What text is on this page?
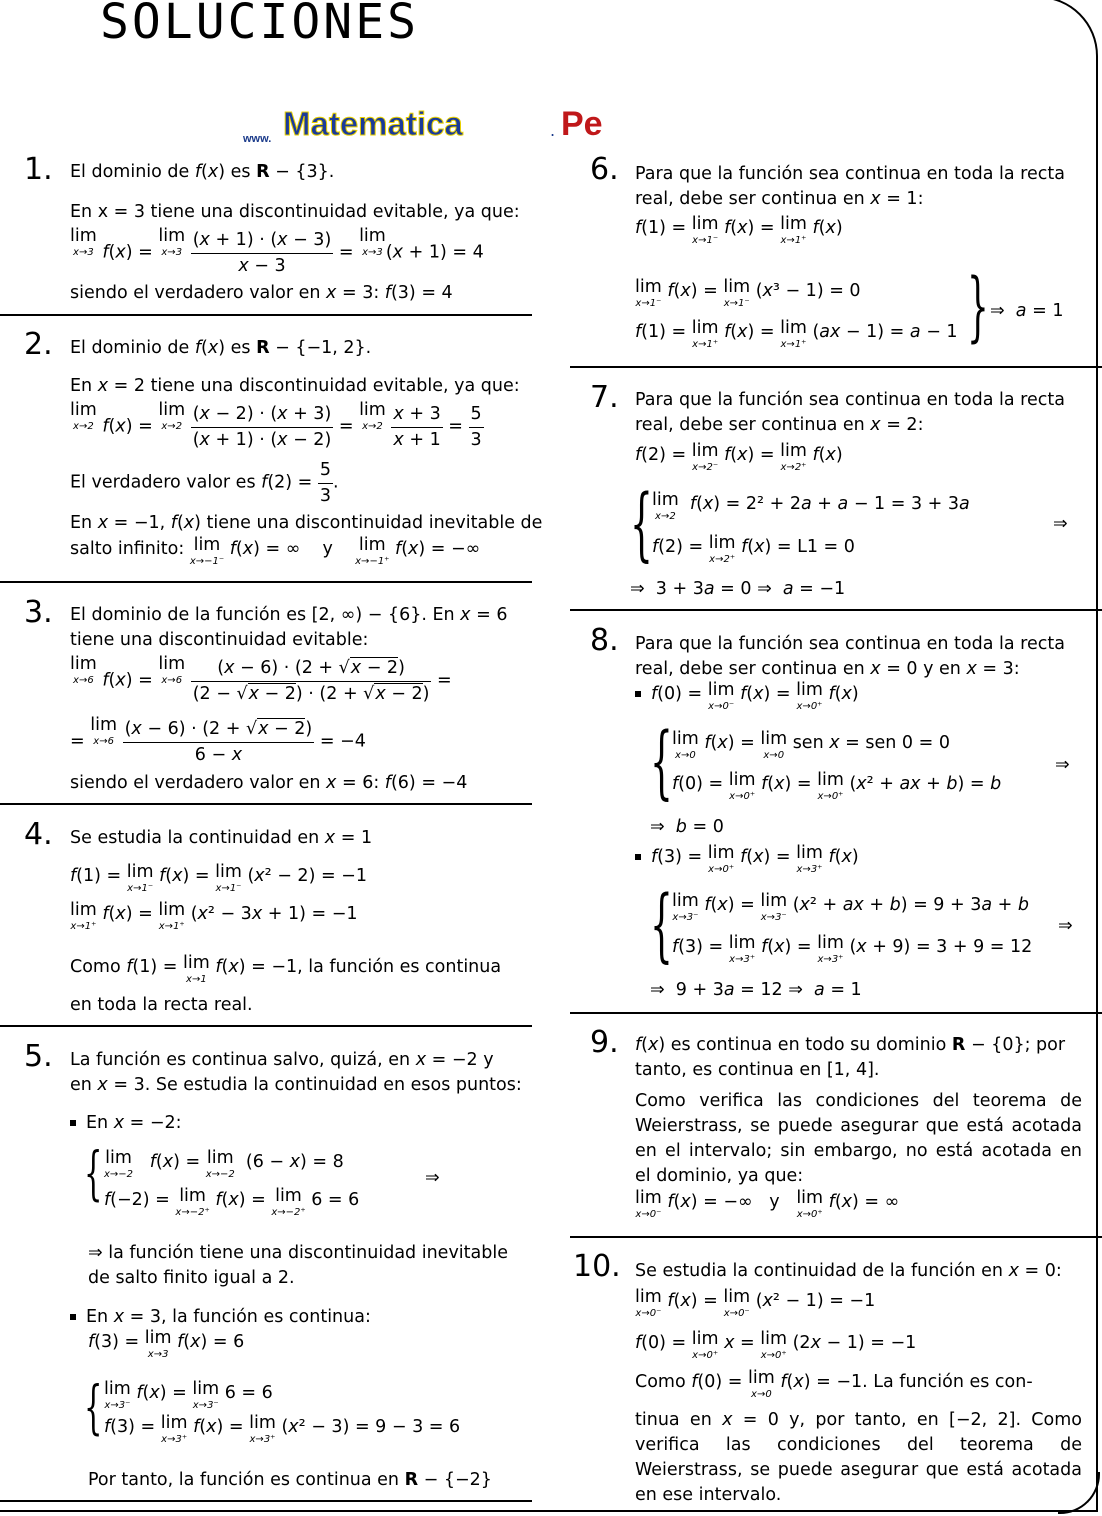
SOLUCIONES
www. Matematica	. Pe
1. El dominio de f(x) es R − {3}.
En x = 3 tiene una discontinuidad evitable, ya que:
lim
x→3 f(x) =
lim
x→3
$\frac{(x + 1) \cdot (x - 3)}{x - 3}$ =
lim
x→3 (x + 1) = 4
siendo el verdadero valor en x = 3: f(3) = 4
2. El dominio de f(x) es R − {−1, 2}.
En x = 2 tiene una discontinuidad evitable, ya que:
lim
x→2 f(x) =
lim
x→2
$\frac{(x - 2) \cdot (x + 3)}{(x + 1) \cdot (x - 2)}$ =
lim
x→2
$\frac{x + 3}{x + 1} = \frac{5}{3}$
El verdadero valor es $f(2) = \frac{5}{3}$ .
En x = −1, f(x) tiene una discontinuidad inevitable de
salto infinito: lim
x→−1⁻
f(x) = ∞    y lim
x→−1⁺
f(x) = −∞
3. El dominio de la función es [2, ∞) − {6}. En x = 6
tiene una discontinuidad evitable:
lim
x→6 f(x) =
lim
x→6
$\frac{(x - 6) \cdot (2 + √x - 2)}{(2 - √x - 2) \cdot (2 + √x - 2)}$ =
=
lim
x→6
$\frac{(x - 6) \cdot (2 + √x - 2)}{6 - x} = -4$
siendo el verdadero valor en x = 6: f(6) = −4
4. Se estudia la continuidad en x = 1
f(1) = lim
x→1⁻
f(x) = lim
x→1⁻
(x² − 2) = −1
lim
x→1⁺
f(x) = lim
x→1⁺
(x² − 3x + 1) = −1
Como f(1) = lim
x→1
f(x) = −1, la función es continua
en toda la recta real.
5. La función es continua salvo, quizá, en x = −2 y
en x = 3. Se estudia la continuidad en esos puntos:
En x = −2:
{ lim
x→−2
f(x) = lim
x→−2
(6 − x) = 8
f(−2) = lim
x→−2⁺
f(x) = lim
x→−2⁺
6 = 6
⇒
⇒ la función tiene una discontinuidad inevitable
de salto finito igual a 2.
En x = 3, la función es continua:
f(3) = lim
x→3
f(x) = 6
{ lim
x→3⁻
f(x) = lim
x→3⁻
6 = 6
f(3) = lim
x→3⁺
f(x) = lim
x→3⁺
(x² − 3) = 9 − 3 = 6
Por tanto, la función es continua en R − {−2}
6. Para que la función sea continua en toda la recta
real, debe ser continua en x = 1:
f(1) = lim
x→1⁻
f(x) = lim
x→1⁺
f(x)
lim
x→1⁻
f(x) = lim
x→1⁻
(x³ − 1) = 0
f(1) = lim
x→1⁺
f(x) = lim
x→1⁺
(ax − 1) = a − 1 } ⇒  a = 1
7. Para que la función sea continua en toda la recta
real, debe ser continua en x = 2:
f(2) = lim
x→2⁻
f(x) = lim
x→2⁺
f(x)
{ lim
x→2
f(x) = 2² + 2a + a − 1 = 3 + 3a
f(2) = lim
x→2⁺
f(x) = L1 = 0
⇒
⇒  3 + 3a = 0 ⇒  a = −1
8. Para que la función sea continua en toda la recta
real, debe ser continua en x = 0 y en x = 3:
f(0) = lim
x→0⁻
f(x) = lim
x→0⁺
f(x)
{ lim
x→0
f(x) = lim
x→0
sen x = sen 0 = 0
f(0) = lim
x→0⁺
f(x) = lim
x→0⁺
(x² + ax + b) = b
⇒
⇒  b = 0
f(3) = lim
x→0⁺
f(x) = lim
x→3⁺
f(x)
{ lim
x→3⁻
f(x) = lim
x→3⁻
(x² + ax + b) = 9 + 3a + b
f(3) = lim
x→3⁺
f(x) = lim
x→3⁺
(x + 9) = 3 + 9 = 12
⇒
⇒  9 + 3a = 12 ⇒  a = 1
9. f(x) es continua en todo su dominio R − {0}; por
tanto, es continua en [1, 4].
Como verifica las condiciones del teorema de Weierstrass, se puede asegurar que está acotada en el intervalo; sin embargo, no está acotada en el dominio, ya que:
lim
x→0⁻
f(x) = −∞   y lim
x→0⁺
f(x) = ∞
10. Se estudia la continuidad de la función en x = 0:
lim
x→0⁻
f(x) = lim
x→0⁻
(x² − 1) = −1
f(0) = lim
x→0⁺
x = lim
x→0⁺
(2x − 1) = −1
Como f(0) = lim
x→0
f(x) = −1. La función es con-
tinua en x = 0 y, por tanto, en [−2, 2]. Como verifica las condiciones del teorema de Weierstrass, se puede asegurar que está acotada en ese intervalo.
